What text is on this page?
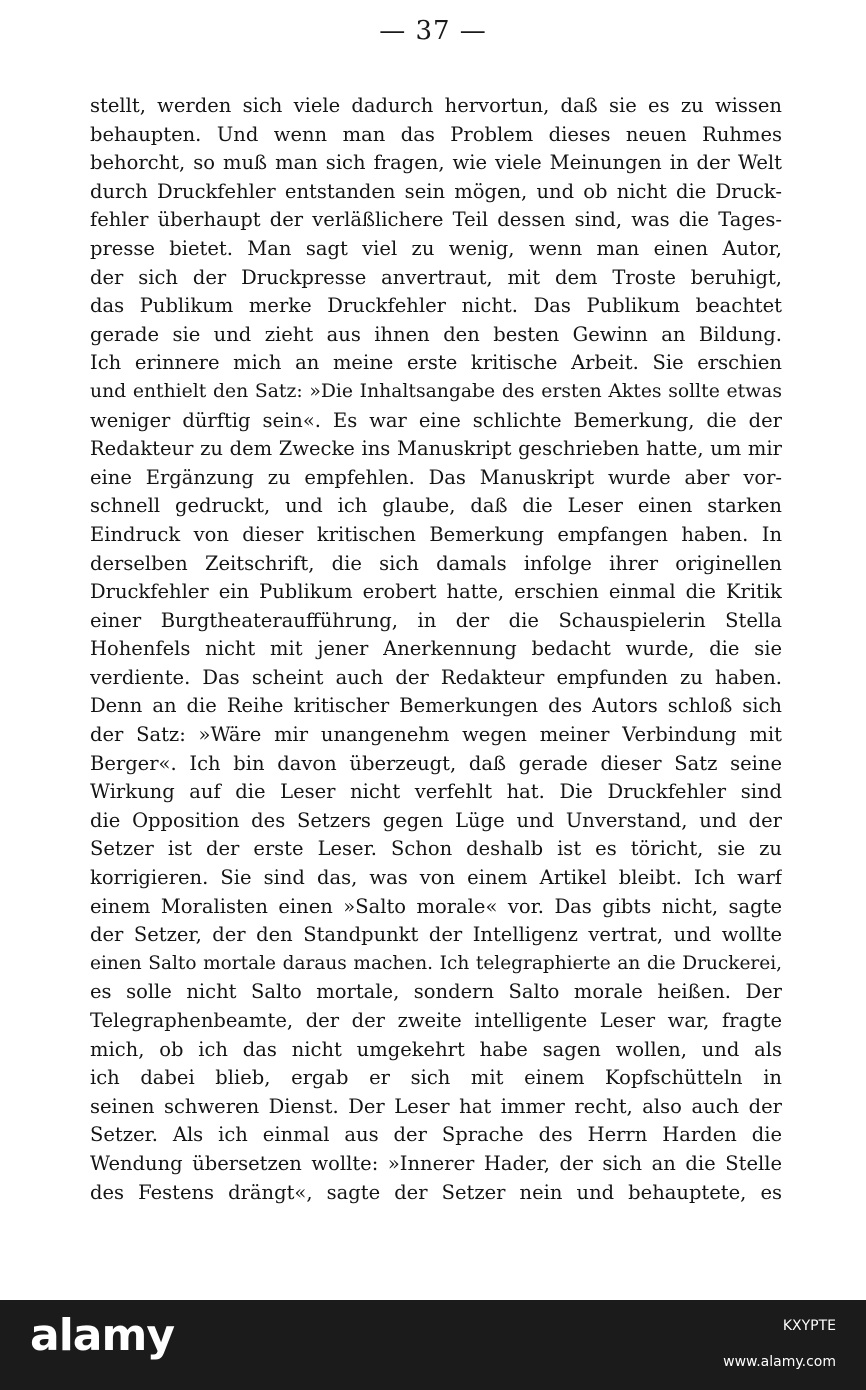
— 37 —
stellt, werden sich viele dadurch hervortun, daß sie es zu wissen
behaupten. Und wenn man das Problem dieses neuen Ruhmes
behorcht, so muß man sich fragen, wie viele Meinungen in der Welt
durch Druckfehler entstanden sein mögen, und ob nicht die Druck-
fehler überhaupt der verläßlichere Teil dessen sind, was die Tages-
presse bietet. Man sagt viel zu wenig, wenn man einen Autor,
der sich der Druckpresse anvertraut, mit dem Troste beruhigt,
das Publikum merke Druckfehler nicht. Das Publikum beachtet
gerade sie und zieht aus ihnen den besten Gewinn an Bildung.
Ich erinnere mich an meine erste kritische Arbeit. Sie erschien
und enthielt den Satz: »Die Inhaltsangabe des ersten Aktes sollte etwas
weniger dürftig sein«. Es war eine schlichte Bemerkung, die der
Redakteur zu dem Zwecke ins Manuskript geschrieben hatte, um mir
eine Ergänzung zu empfehlen. Das Manuskript wurde aber vor-
schnell gedruckt, und ich glaube, daß die Leser einen starken
Eindruck von dieser kritischen Bemerkung empfangen haben. In
derselben Zeitschrift, die sich damals infolge ihrer originellen
Druckfehler ein Publikum erobert hatte, erschien einmal die Kritik
einer Burgtheateraufführung, in der die Schauspielerin Stella
Hohenfels nicht mit jener Anerkennung bedacht wurde, die sie
verdiente. Das scheint auch der Redakteur empfunden zu haben.
Denn an die Reihe kritischer Bemerkungen des Autors schloß sich
der Satz: »Wäre mir unangenehm wegen meiner Verbindung mit
Berger«. Ich bin davon überzeugt, daß gerade dieser Satz seine
Wirkung auf die Leser nicht verfehlt hat. Die Druckfehler sind
die Opposition des Setzers gegen Lüge und Unverstand, und der
Setzer ist der erste Leser. Schon deshalb ist es töricht, sie zu
korrigieren. Sie sind das, was von einem Artikel bleibt. Ich warf
einem Moralisten einen »Salto morale« vor. Das gibts nicht, sagte
der Setzer, der den Standpunkt der Intelligenz vertrat, und wollte
einen Salto mortale daraus machen. Ich telegraphierte an die Druckerei,
es solle nicht Salto mortale, sondern Salto morale heißen. Der
Telegraphenbeamte, der der zweite intelligente Leser war, fragte
mich, ob ich das nicht umgekehrt habe sagen wollen, und als
ich dabei blieb, ergab er sich mit einem Kopfschütteln in
seinen schweren Dienst. Der Leser hat immer recht, also auch der
Setzer. Als ich einmal aus der Sprache des Herrn Harden die
Wendung übersetzen wollte: »Innerer Hader, der sich an die Stelle
des Festens drängt«, sagte der Setzer nein und behauptete, es
alamy	KXYPTE
www.alamy.com
